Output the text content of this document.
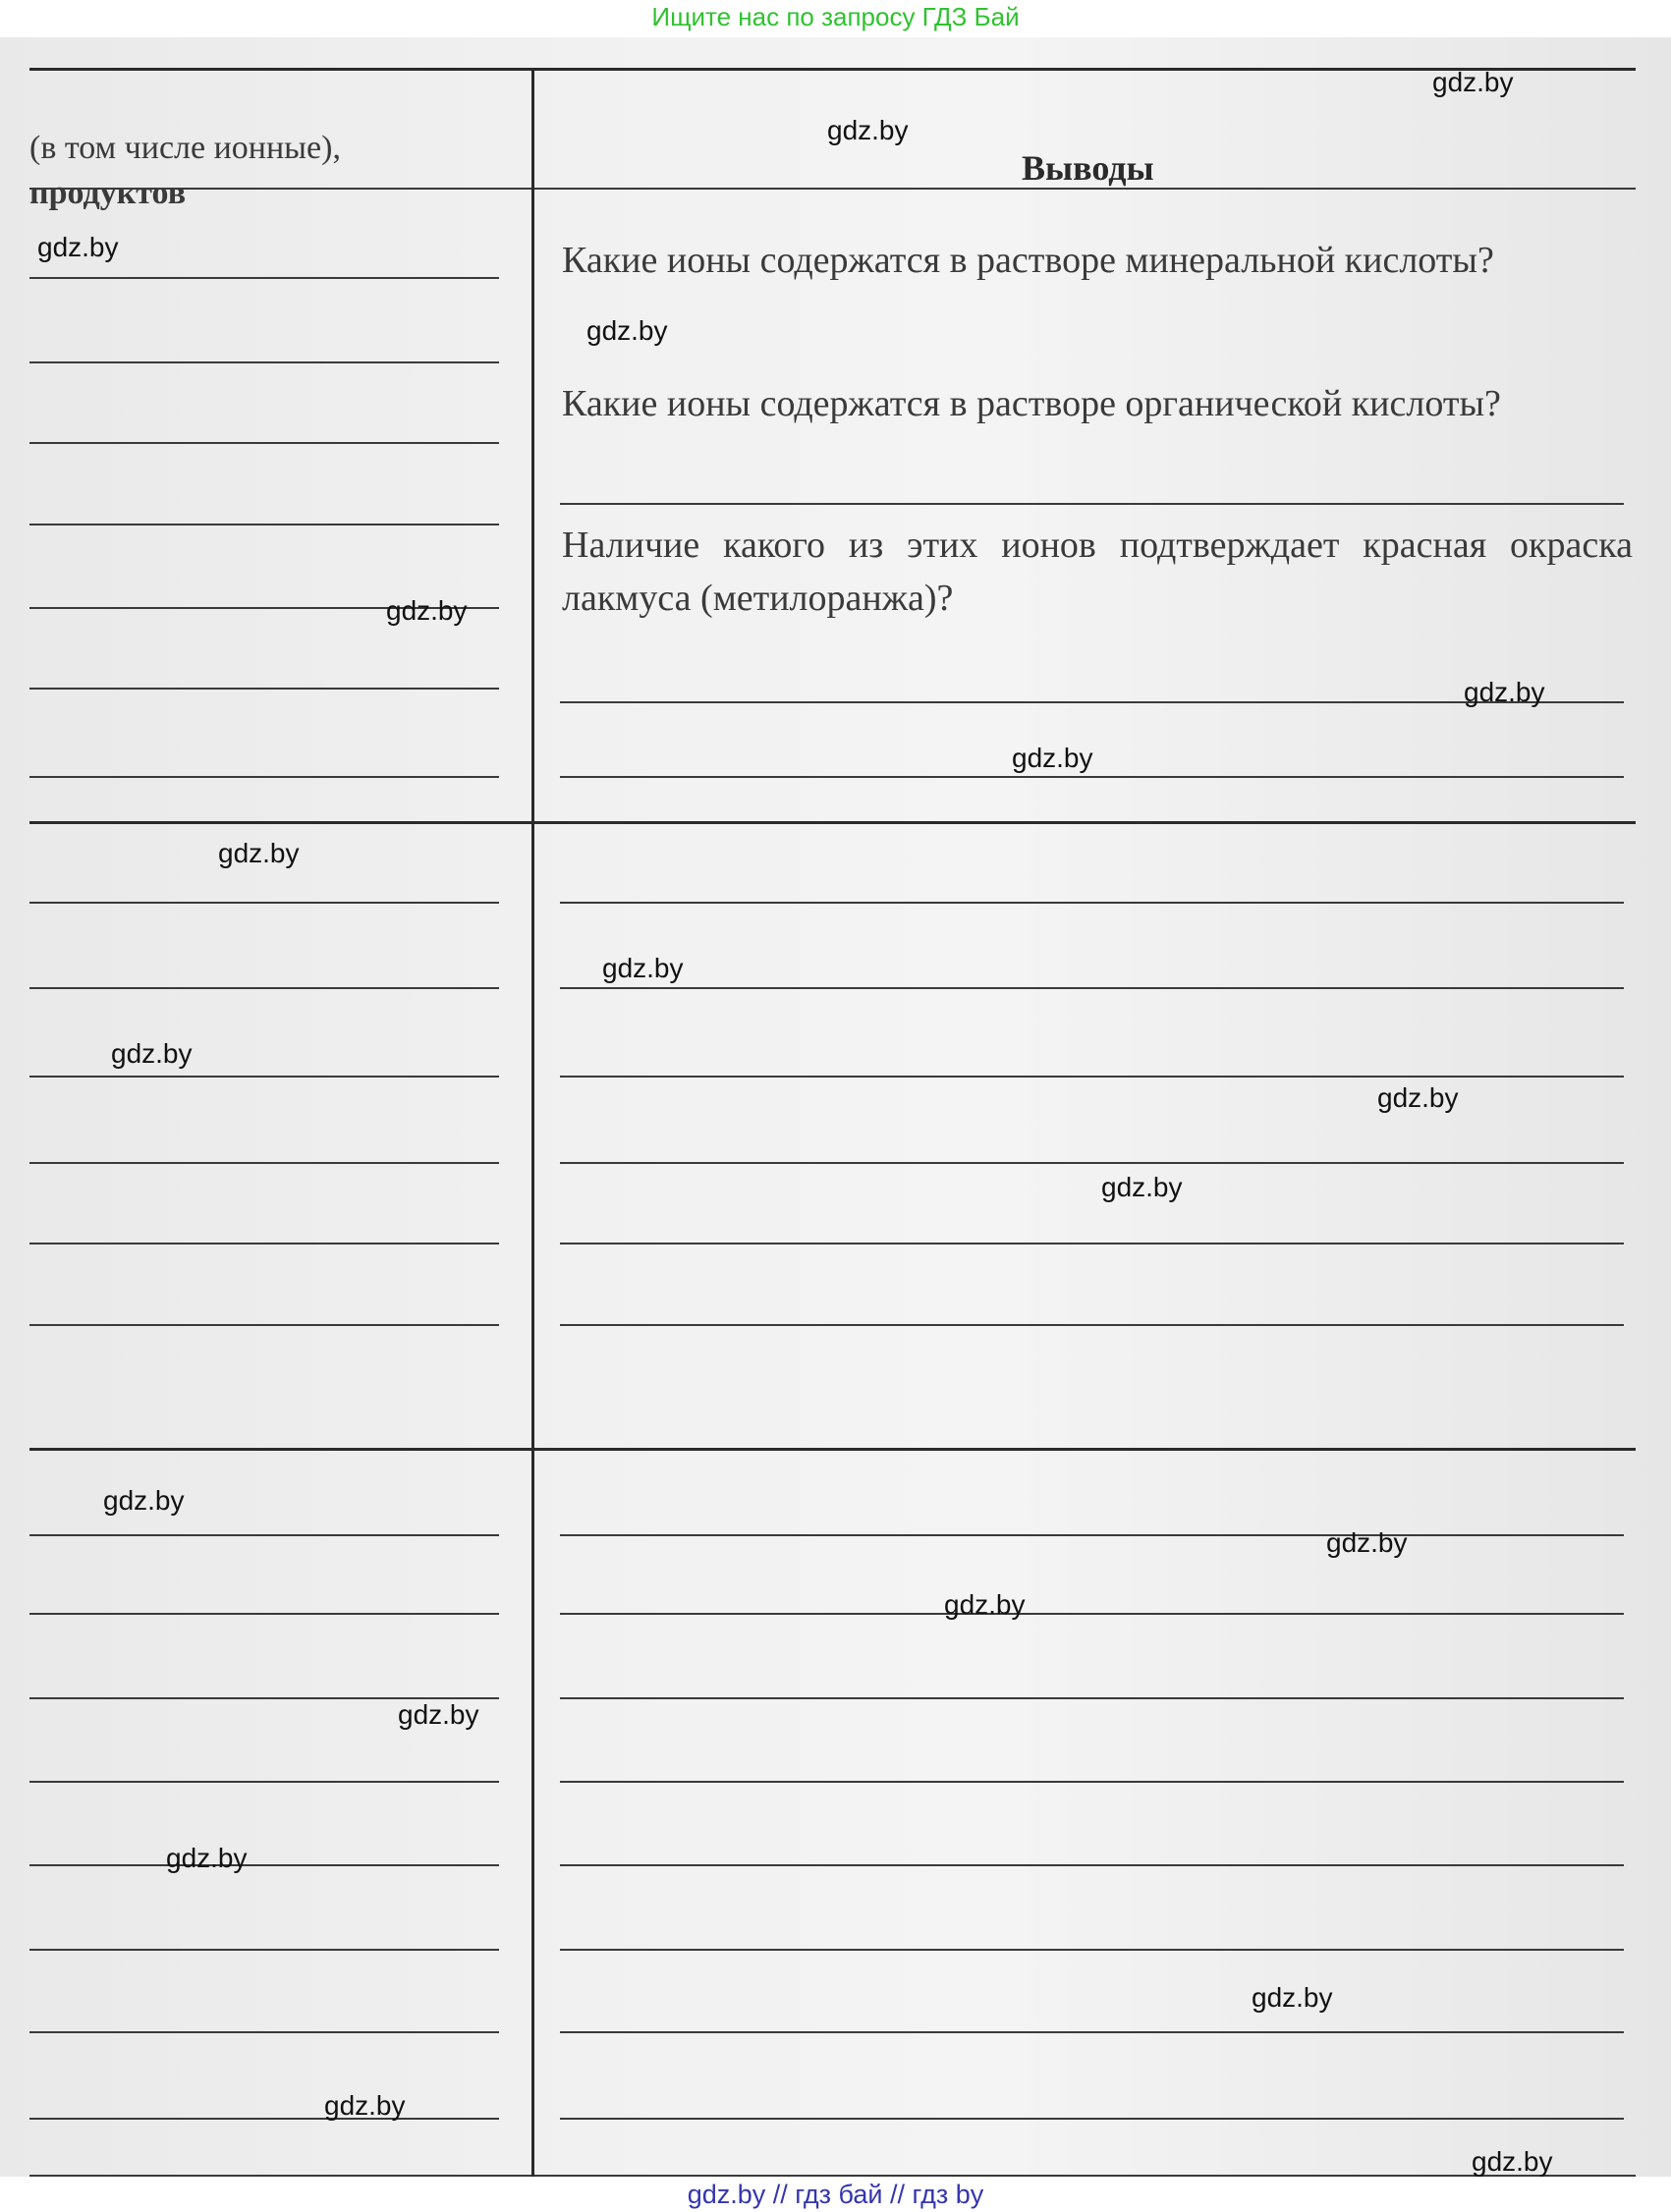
Ищите нас по запросу ГДЗ Бай
(в том числе ионные),
продуктов
Выводы
Какие ионы содержатся в растворе минеральной кислоты?
Какие ионы содержатся в растворе органической кислоты?
Наличие какого из этих ионов подтверждает красная окраска лакмуса (метилоранжа)?
gdz.by
gdz.by
gdz.by
gdz.by
gdz.by
gdz.by
gdz.by
gdz.by
gdz.by
gdz.by
gdz.by
gdz.by
gdz.by
gdz.by
gdz.by
gdz.by
gdz.by
gdz.by
gdz.by
gdz.by
gdz.by // гдз бай // гдз by
